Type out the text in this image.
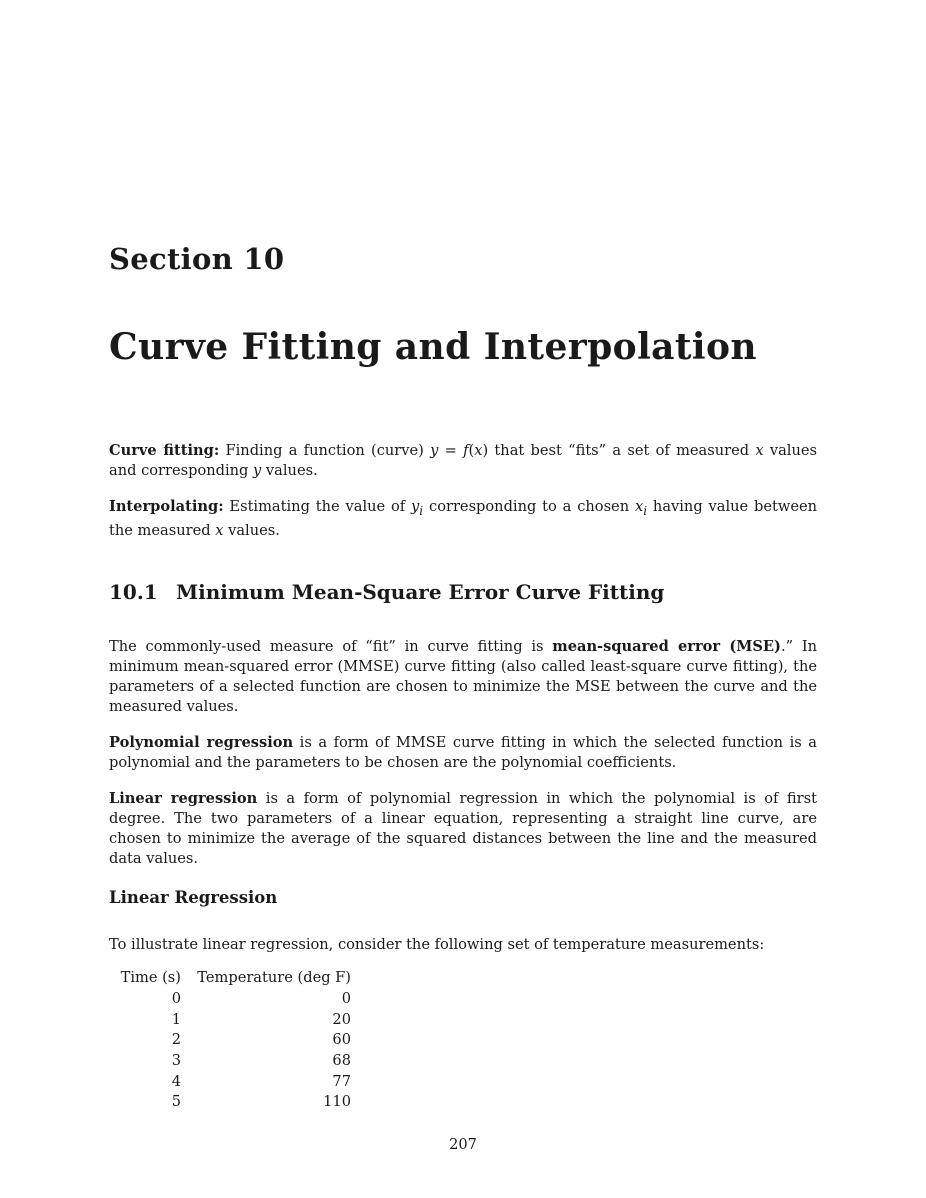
Section 10
Curve Fitting and Interpolation

Curve fitting: Finding a function (curve) y = f(x) that best “fits” a set of measured x values and corresponding y values.

Interpolating: Estimating the value of $y_i$ corresponding to a chosen $x_i$ having value between the measured x values.

10.1 Minimum Mean-Square Error Curve Fitting

The commonly-used measure of “fit” in curve fitting is mean-squared error (MSE).” In minimum mean-squared error (MMSE) curve fitting (also called least-square curve fitting), the parameters of a selected function are chosen to minimize the MSE between the curve and the measured values.

Polynomial regression is a form of MMSE curve fitting in which the selected function is a polynomial and the parameters to be chosen are the polynomial coefficients.

Linear regression is a form of polynomial regression in which the polynomial is of first degree. The two parameters of a linear equation, representing a straight line curve, are chosen to minimize the average of the squared distances between the line and the measured data values.

Linear Regression

To illustrate linear regression, consider the following set of temperature measurements:

Time (s)	Temperature (deg F)
0	0
1	20
2	60
3	68
4	77
5	110
207
